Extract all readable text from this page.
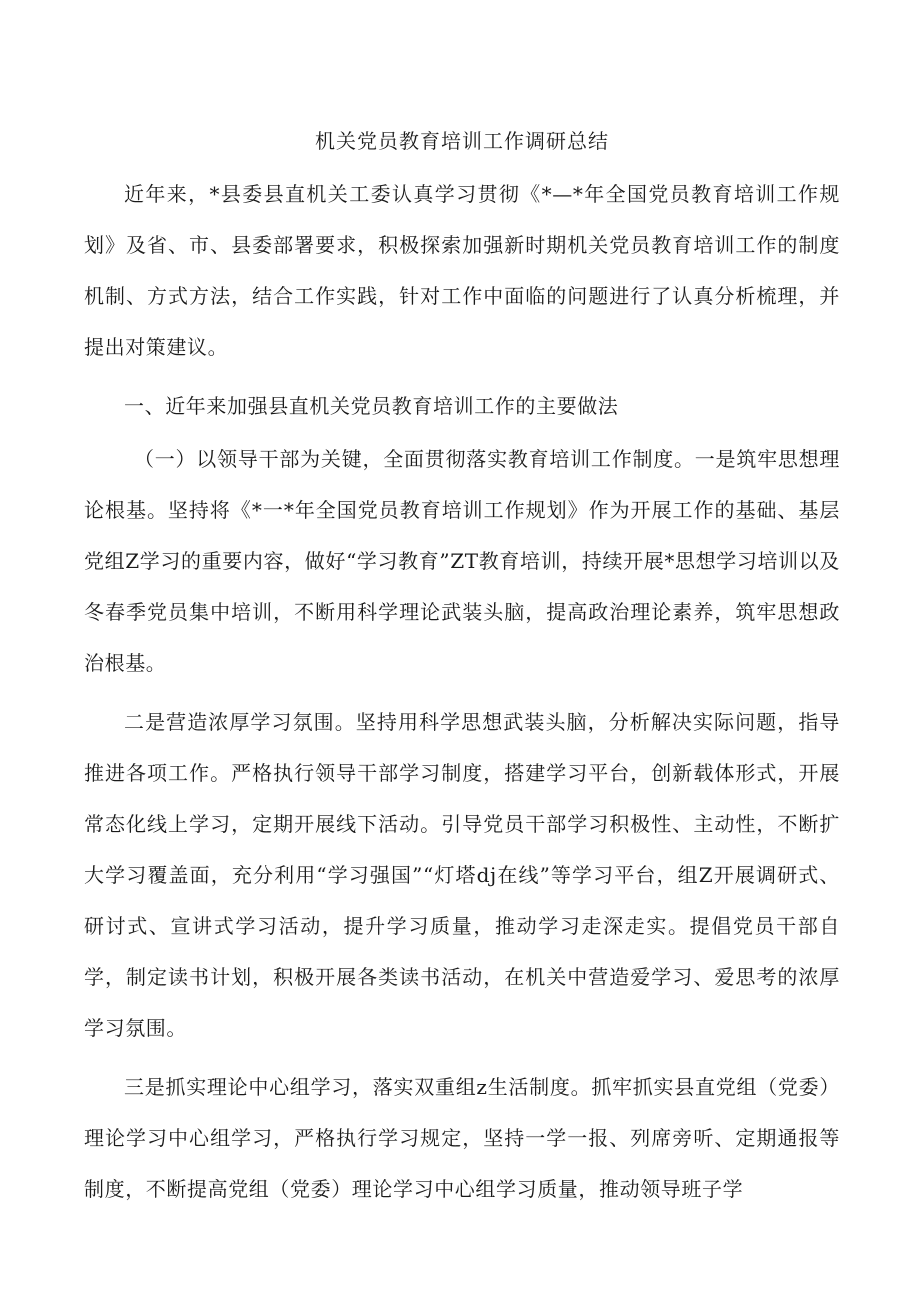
机关党员教育培训工作调研总结

近年来，*县委县直机关工委认真学习贯彻《*—*年全国党员教育培训工作规划》及省、市、县委部署要求，积极探索加强新时期机关党员教育培训工作的制度机制、方式方法，结合工作实践，针对工作中面临的问题进行了认真分析梳理，并提出对策建议。

一、近年来加强县直机关党员教育培训工作的主要做法

（一）以领导干部为关键，全面贯彻落实教育培训工作制度。一是筑牢思想理论根基。坚持将《*一*年全国党员教育培训工作规划》作为开展工作的基础、基层党组Z学习的重要内容，做好“学习教育”ZT教育培训，持续开展*思想学习培训以及冬春季党员集中培训，不断用科学理论武装头脑，提高政治理论素养，筑牢思想政治根基。

二是营造浓厚学习氛围。坚持用科学思想武装头脑，分析解决实际问题，指导推进各项工作。严格执行领导干部学习制度，搭建学习平台，创新载体形式，开展常态化线上学习，定期开展线下活动。引导党员干部学习积极性、主动性，不断扩大学习覆盖面，充分利用“学习强国”“灯塔dj在线”等学习平台，组Z开展调研式、研讨式、宣讲式学习活动，提升学习质量，推动学习走深走实。提倡党员干部自学，制定读书计划，积极开展各类读书活动，在机关中营造爱学习、爱思考的浓厚学习氛围。

三是抓实理论中心组学习，落实双重组z生活制度。抓牢抓实县直党组（党委）理论学习中心组学习，严格执行学习规定，坚持一学一报、列席旁听、定期通报等制度，不断提高党组（党委）理论学习中心组学习质量，推动领导班子学
